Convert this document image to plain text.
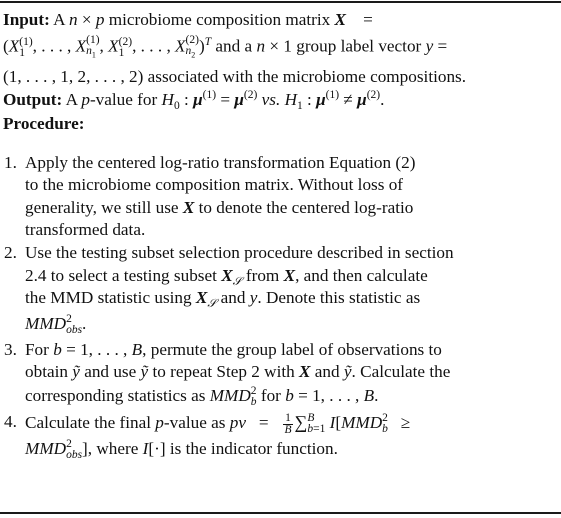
Input: A n × p microbiome composition matrix X    =
(X (1)
1 , . . . , X (1)
$n_1$ , X (2)
1 , . . . , X (2)
$n_2$ )$^T$ and a n × 1 group label vector y =
(1, . . . , 1, 2, . . . , 2) associated with the microbiome compositions.
Output: A p-value for $H_0$ : $\mu^{(1)} = \mu^{(2)}$ vs. $H_1$ : $\mu^{(1)} \ne \mu^{(2)}$.
Procedure:
1. Apply the centered log-ratio transformation Equation (2)
to the microbiome composition matrix. Without loss of
generality, we still use X to denote the centered log-ratio
transformed data.
2. Use the testing subset selection procedure described in section
2.4 to select a testing subset $X_𝒮$ from X, and then calculate
the MMD statistic using $X_𝒮$ and y. Denote this statistic as
MMD 2
obs .
3. For b = 1, . . . , B, permute the group label of observations to
obtain ỹ and use ỹ to repeat Step 2 with X and ỹ. Calculate the
corresponding statistics as MMD 2
b for b = 1, . . . , B.
4. Calculate the final p-value as pv   = $\frac{1}{B}$ ∑ B
b=1 I[MMD 2
b ≥
MMD 2
obs ], where I[·] is the indicator function.
